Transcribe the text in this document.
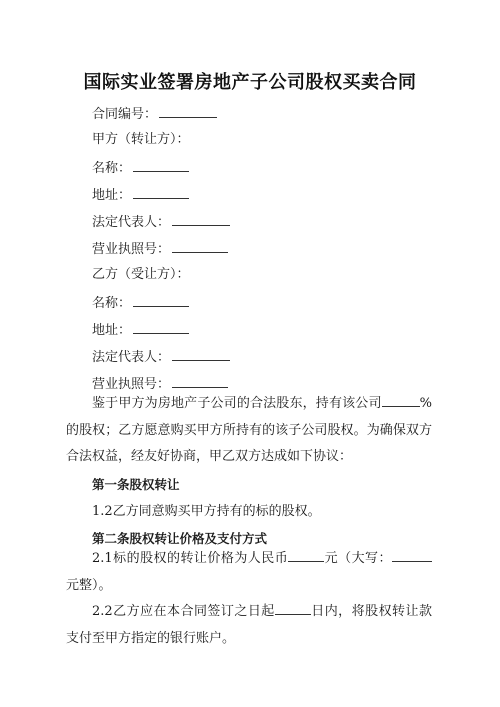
国际实业签署房地产子公司股权买卖合同
合同编号：
甲方（转让方）：
名称：
地址：
法定代表人：
营业执照号：
乙方（受让方）：
名称：
地址：
法定代表人：
营业执照号：
鉴于甲方为房地产子公司的合法股东，持有该公司	%的股权；乙方愿意购买甲方所持有的该子公司股权。为确保双方合法权益，经友好协商，甲乙双方达成如下协议：
第一条股权转让
1.2乙方同意购买甲方持有的标的股权。
第二条股权转让价格及支付方式
2.1标的股权的转让价格为人民币	元（大写：元整）。
2.2乙方应在本合同签订之日起	日内，将股权转让款支付至甲方指定的银行账户。
